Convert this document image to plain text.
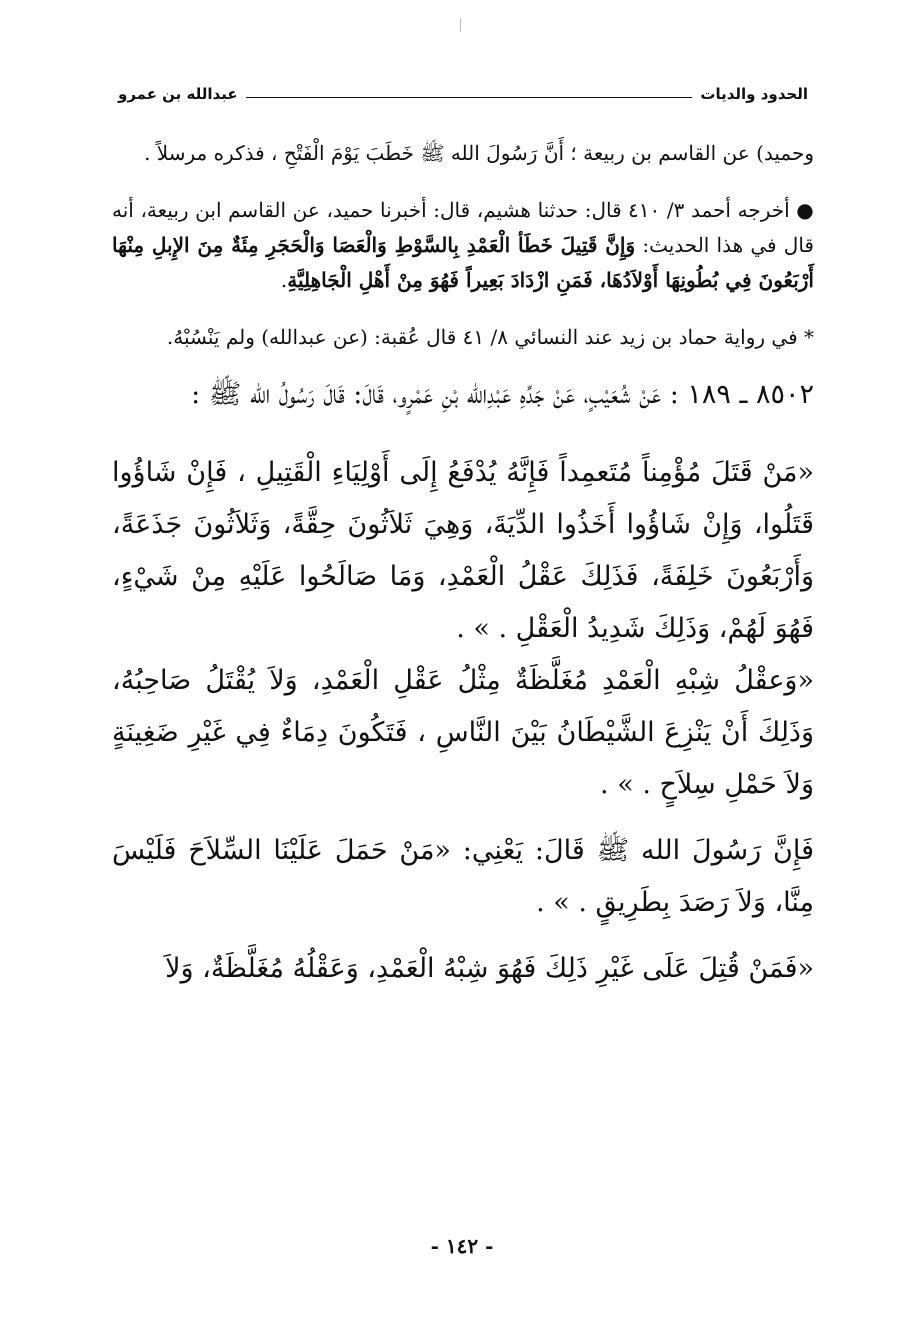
الحدود والديات
عبدالله بن عمرو

وحميد) عن القاسم بن ربيعة ؛ أَنَّ رَسُولَ الله ﷺ خَطَبَ يَوْمَ الْفَتْحِ ، فذكره مرسلاً .

● أخرجه أحمد ٣/ ٤١٠ قال: حدثنا هشيم، قال: أخبرنا حميد، عن القاسم ابن ربيعة، أنه قال في هذا الحديث: وَإِنَّ قَتِيلَ خَطَأ الْعَمْدِ بِالسَّوْطِ وَالْعَصَا وَالْحَجَرِ مِئَةٌ مِنَ الإِبلِ مِنْهَا أَرْبَعُونَ فِي بُطُونِهَا أَوْلاَدُهَا، فَمَنِ ازْدَادَ بَعِيراً فَهُوَ مِنْ أَهْلِ الْجَاهِلِيَّةِ.

* في رواية حماد بن زيد عند النسائي ٨/ ٤١ قال عُقبة: (عن عبدالله) ولم يَنْسُبْهُ.

٨٥٠٢ ـ ١٨٩ : عَنْ شُعَيْبٍ، عَنْ جَدِّهِ عَبْدِالله بْنِ عَمْرٍو، قَالَ: قَالَ رَسُولُ الله ﷺ :

«مَنْ قَتَلَ مُؤْمِناً مُتَعمِداً فَإِنَّهُ يُدْفَعُ إِلَى أَوْلِيَاءِ الْقَتِيلِ ، فَإِنْ شَاؤُوا قَتَلُوا، وَإِنْ شَاؤُوا أَخَذُوا الدِّيَةَ، وَهِيَ ثَلاَثُونَ حِقَّةً، وَثَلاَثُونَ جَذَعَةً، وَأَرْبَعُونَ خَلِفَةً، فَذَلِكَ عَقْلُ الْعَمْدِ، وَمَا صَالَحُوا عَلَيْهِ مِنْ شَيْءٍ، فَهُوَ لَهُمْ، وَذَلِكَ شَدِيدُ الْعَقْلِ . » .

«وَعقْلُ شِبْهِ الْعَمْدِ مُغَلَّظَةٌ مِثْلُ عَقْلِ الْعَمْدِ، وَلاَ يُقْتَلُ صَاحِبُهُ، وَذَلِكَ أَنْ يَنْزِعَ الشَّيْطَانُ بَيْنَ النَّاسِ ، فَتَكُونَ دِمَاءٌ فِي غَيْرِ ضَغِينَةٍ وَلاَ حَمْلِ سِلاَحٍ . » .

فَإِنَّ رَسُولَ الله ﷺ قَالَ: يَعْنِي: «مَنْ حَمَلَ عَلَيْنَا السِّلاَحَ فَلَيْسَ مِنَّا، وَلاَ رَصَدَ بِطَرِيقٍ . » .

«فَمَنْ قُتِلَ عَلَى غَيْرِ ذَلِكَ فَهُوَ شِبْهُ الْعَمْدِ، وَعَقْلُهُ مُغَلَّظَةٌ، وَلاَ

- ١٤٢ -
